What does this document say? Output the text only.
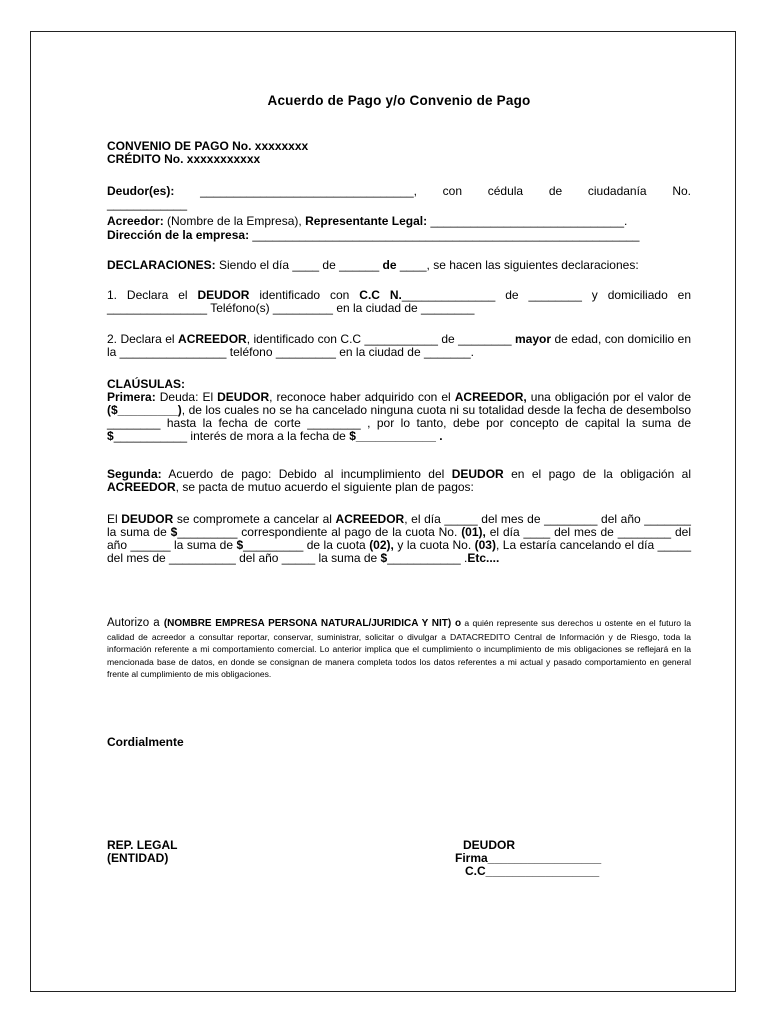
Acuerdo de Pago y/o Convenio de Pago
CONVENIO DE PAGO No. xxxxxxxx
CRÉDITO No. xxxxxxxxxxx
Deudor(es): ________________________________, con cédula de ciudadanía No.
____________
Acreedor: (Nombre de la Empresa), Representante Legal: _____________________________.
Dirección de la empresa: __________________________________________________________
DECLARACIONES: Siendo el día ____ de ______ de ____, se hacen las siguientes declaraciones:
1. Declara el DEUDOR identificado con C.C N.______________ de ________ y domiciliado en _______________ Teléfono(s) _________ en la ciudad de ________
2. Declara el ACREEDOR, identificado con C.C ___________ de ________ mayor de edad, con domicilio en la ________________ teléfono _________ en la ciudad de _______.
CLAÚSULAS:
Primera: Deuda: El DEUDOR, reconoce haber adquirido con el ACREEDOR, una obligación por el valor de ($_________), de los cuales no se ha cancelado ninguna cuota ni su totalidad desde la fecha de desembolso ________ hasta la fecha de corte ________ , por lo tanto, debe por concepto de capital la suma de $___________ interés de mora a la fecha de $____________ .
Segunda: Acuerdo de pago: Debido al incumplimiento del DEUDOR en el pago de la obligación al ACREEDOR, se pacta de mutuo acuerdo el siguiente plan de pagos:
El DEUDOR se compromete a cancelar al ACREEDOR, el día _____ del mes de ________ del año _______ la suma de $_________ correspondiente al pago de la cuota No. (01), el día ____ del mes de ________ del año ______ la suma de $_________ de la cuota (02), y la cuota No. (03), La estaría cancelando el día _____ del mes de __________ del año _____ la suma de $___________ .Etc....
Autorizo a (NOMBRE EMPRESA PERSONA NATURAL/JURIDICA Y NIT) o a quién represente sus derechos u ostente en el futuro la calidad de acreedor a consultar reportar, conservar, suministrar, solicitar o divulgar a DATACREDITO Central de Información y de Riesgo, toda la información referente a mi comportamiento comercial. Lo anterior implica que el cumplimiento o incumplimiento de mis obligaciones se reflejará en la mencionada base de datos, en donde se consignan de manera completa todos los datos referentes a mi actual y pasado comportamiento en general frente al cumplimiento de mis obligaciones.
Cordialmente
REP. LEGAL
(ENTIDAD)
DEUDOR
Firma_________________
C.C_________________
